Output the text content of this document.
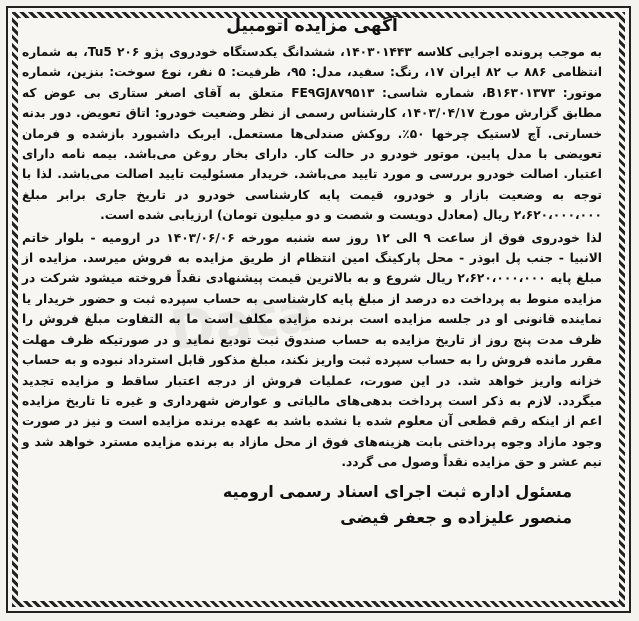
Data
آگهی مزایده اتومبیل

به موجب پرونده اجرایی کلاسه ۱۴۰۳۰۱۴۴۳، ششدانگ یکدستگاه خودروی پژو Tu5 ۲۰۶، به شماره انتظامی ۸۸۶ ب ۸۲ ایران ۱۷، رنگ: سفید، مدل: ۹۵، ظرفیت: ۵ نفر، نوع سوخت: بنزین، شماره موتور: B۱۶۳۰۱۳۷۳، شماره شاسی: FE۹GJ۸۷۹۵۱۳ متعلق به آقای اصغر ستاری بی عوض که مطابق گزارش مورخ ۱۴۰۳/۰۴/۱۷، کارشناس رسمی از نظر وضعیت خودرو: اتاق تعویض. دور بدنه خسارتی. آچ لاستیک چرخها ۵۰٪. روکش صندلی‌ها مستعمل. ایربک داشبورد بازشده و فرمان تعویضی با مدل پایین. موتور خودرو در حالت کار. دارای بخار روغن می‌باشد. بیمه نامه دارای اعتبار. اصالت خودرو بررسی و مورد تایید می‌باشد. خریدار مسئولیت تایید اصالت می‌باشد. لذا با توجه به وضعیت بازار و خودرو، قیمت پایه کارشناسی خودرو در تاریخ جاری برابر مبلغ ۲،۶۲۰،۰۰۰،۰۰۰ ریال (معادل دویست و شصت و دو میلیون تومان) ارزیابی شده است.

لذا خودروی فوق از ساعت ۹ الی ۱۲ روز سه شنبه مورخه ۱۴۰۳/۰۶/۰۶ در ارومیه - بلوار خاتم الانبیا - جنب پل ابوذر - محل پارکینگ امین انتظام از طریق مزایده به فروش میرسد. مزایده از مبلغ پایه ۲،۶۲۰،۰۰۰،۰۰۰ ریال شروع و به بالاترین قیمت پیشنهادی نقداً فروخته میشود شرکت در مزایده منوط به پرداخت ده درصد از مبلغ پایه کارشناسی به حساب سپرده ثبت و حضور خریدار یا نماینده قانونی او در جلسه مزایده است برنده مزایده مکلف است ما به التفاوت مبلغ فروش را ظرف مدت پنج روز از تاریخ مزایده به حساب صندوق ثبت تودیع نماید و در صورتیکه ظرف مهلت مقرر مانده فروش را به حساب سپرده ثبت واریز نکند، مبلغ مذکور قابل استرداد نبوده و به حساب خزانه واریز خواهد شد. در این صورت، عملیات فروش از درجه اعتبار ساقط و مزایده تجدید میگردد. لازم به ذکر است پرداخت بدهی‌های مالیاتی و عوارض شهرداری و غیره تا تاریخ مزایده اعم از اینکه رقم قطعی آن معلوم شده یا نشده باشد به عهده برنده مزایده است و نیز در صورت وجود مازاد وجوه پرداختی بابت هزینه‌های فوق از محل مازاد به برنده مزایده مسترد خواهد شد و نیم عشر و حق مزایده نقداً وصول می گردد.

مسئول اداره ثبت اجرای اسناد رسمی ارومیه
منصور علیزاده و جعفر فیضی
